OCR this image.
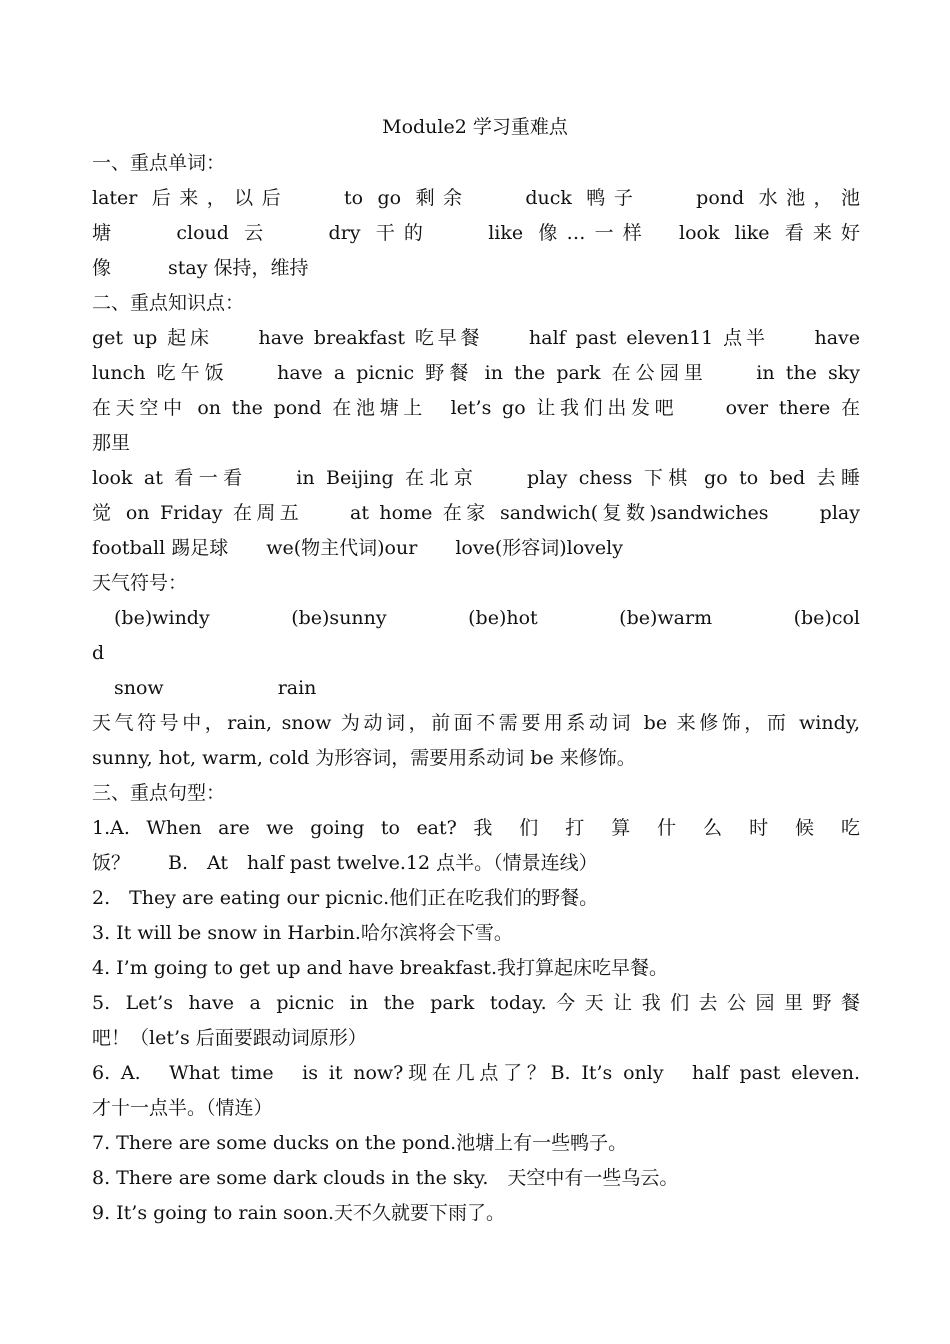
Module2 学习重难点
一、重点单词：
later 后来，以后　　to go 剩余　　duck 鸭子　　pond 水池，池
塘　　cloud 云　　dry 干的　　like 像…一样　look like 看来好
像　　　stay 保持，维持
二、重点知识点：
get up 起床　　have breakfast 吃早餐　　half past eleven11 点半　　have
lunch 吃午饭　　have a picnic 野餐 in the park 在公园里　　in the sky
在天空中 on the pond 在池塘上　let’s go 让我们出发吧　　over there 在
那里
look at 看一看　　in Beijing 在北京　　play chess 下棋 go to bed 去睡
觉 on Friday 在周五　　at home 在家 sandwich(复数)sandwiches　　play
football 踢足球　　we(物主代词)our　　love(形容词)lovely
天气符号：
(be)windy　　(be)sunny　　(be)hot　　(be)warm　　(be)col
d
snow　　　　　　rain
天气符号中，rain, snow 为动词，前面不需要用系动词 be 来修饰，而 windy,
sunny, hot, warm, cold 为形容词，需要用系动词 be 来修饰。
三、重点句型：
1.A. When are we going to eat? 我 们 打 算 什 么 时 候 吃
饭？　　B.　At　half past twelve.12 点半。（情景连线）
2.　They are eating our picnic.他们正在吃我们的野餐。
3. It will be snow in Harbin.哈尔滨将会下雪。
4. I’m going to get up and have breakfast.我打算起床吃早餐。
5. Let’s have a picnic in the park today.今天让我们去公园里野餐
吧！（let’s 后面要跟动词原形）
6. A.　What time　is it now?现在几点了？B. It’s only　half past eleven.
才十一点半。（情连）
7. There are some ducks on the pond.池塘上有一些鸭子。
8. There are some dark clouds in the sky.　天空中有一些乌云。
9. It’s going to rain soon.天不久就要下雨了。
